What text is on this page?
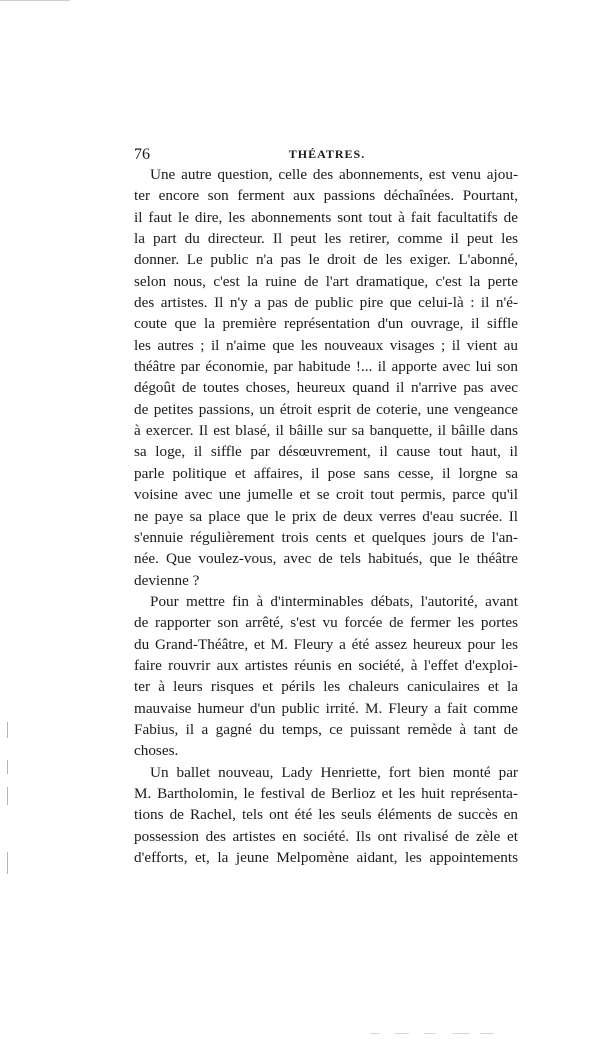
76	THÉATRES.
Une autre question, celle des abonnements, est venu ajou-
ter encore son ferment aux passions déchaînées. Pourtant,
il faut le dire, les abonnements sont tout à fait facultatifs de
la part du directeur. Il peut les retirer, comme il peut les
donner. Le public n'a pas le droit de les exiger. L'abonné,
selon nous, c'est la ruine de l'art dramatique, c'est la perte
des artistes. Il n'y a pas de public pire que celui-là : il n'é-
coute que la première représentation d'un ouvrage, il siffle
les autres ; il n'aime que les nouveaux visages ; il vient au
théâtre par économie, par habitude !... il apporte avec lui son
dégoût de toutes choses, heureux quand il n'arrive pas avec
de petites passions, un étroit esprit de coterie, une vengeance
à exercer. Il est blasé, il bâille sur sa banquette, il bâille dans
sa loge, il siffle par désœuvrement, il cause tout haut, il
parle politique et affaires, il pose sans cesse, il lorgne sa
voisine avec une jumelle et se croit tout permis, parce qu'il
ne paye sa place que le prix de deux verres d'eau sucrée. Il
s'ennuie régulièrement trois cents et quelques jours de l'an-
née. Que voulez-vous, avec de tels habitués, que le théâtre
devienne ?
Pour mettre fin à d'interminables débats, l'autorité, avant
de rapporter son arrêté, s'est vu forcée de fermer les portes
du Grand-Théâtre, et M. Fleury a été assez heureux pour les
faire rouvrir aux artistes réunis en société, à l'effet d'exploi-
ter à leurs risques et périls les chaleurs caniculaires et la
mauvaise humeur d'un public irrité. M. Fleury a fait comme
Fabius, il a gagné du temps, ce puissant remède à tant de
choses.
Un ballet nouveau, Lady Henriette, fort bien monté par
M. Bartholomin, le festival de Berlioz et les huit représenta-
tions de Rachel, tels ont été les seuls éléments de succès en
possession des artistes en société. Ils ont rivalisé de zèle et
d'efforts, et, la jeune Melpomène aidant, les appointements
